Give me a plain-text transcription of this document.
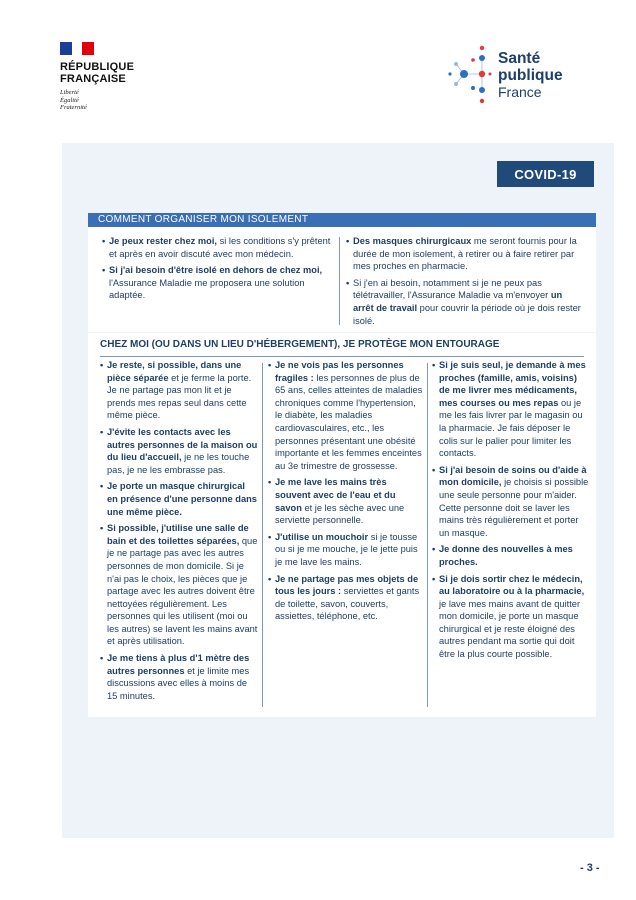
RÉPUBLIQUE
FRANÇAISE
Liberté
Égalité
Fraternité
Santé
publique
France
COVID-19
COMMENT ORGANISER MON ISOLEMENT

• Je peux rester chez moi, si les conditions s'y prêtent et après en avoir discuté avec mon médecin.

• Si j'ai besoin d'être isolé en dehors de chez moi, l'Assurance Maladie me proposera une solution adaptée.

• Des masques chirurgicaux me seront fournis pour la durée de mon isolement, à retirer ou à faire retirer par mes proches en pharmacie.

• Si j'en ai besoin, notamment si je ne peux pas télétravailler, l'Assurance Maladie va m'envoyer un arrêt de travail pour couvrir la période où je dois rester isolé.

CHEZ MOI (OU DANS UN LIEU D'HÉBERGEMENT), JE PROTÈGE MON ENTOURAGE

• Je reste, si possible, dans une pièce séparée et je ferme la porte. Je ne partage pas mon lit et je prends mes repas seul dans cette même pièce.

• J'évite les contacts avec les autres personnes de la maison ou du lieu d'accueil, je ne les touche pas, je ne les embrasse pas.

• Je porte un masque chirurgical en présence d'une personne dans une même pièce.

• Si possible, j'utilise une salle de bain et des toilettes séparées, que je ne partage pas avec les autres personnes de mon domicile. Si je n'ai pas le choix, les pièces que je partage avec les autres doivent être nettoyées régulièrement. Les personnes qui les utilisent (moi ou les autres) se lavent les mains avant et après utilisation.

• Je me tiens à plus d'1 mètre des autres personnes et je limite mes discussions avec elles à moins de 15 minutes.

• Je ne vois pas les personnes fragiles : les personnes de plus de 65 ans, celles atteintes de maladies chroniques comme l'hypertension, le diabète, les maladies cardiovasculaires, etc., les personnes présentant une obésité importante et les femmes enceintes au 3e trimestre de grossesse.

• Je me lave les mains très souvent avec de l'eau et du savon et je les sèche avec une serviette personnelle.

• J'utilise un mouchoir si je tousse ou si je me mouche, je le jette puis je me lave les mains.

• Je ne partage pas mes objets de tous les jours : serviettes et gants de toilette, savon, couverts, assiettes, téléphone, etc.

• Si je suis seul, je demande à mes proches (famille, amis, voisins) de me livrer mes médicaments, mes courses ou mes repas ou je me les fais livrer par le magasin ou la pharmacie. Je fais déposer le colis sur le palier pour limiter les contacts.

• Si j'ai besoin de soins ou d'aide à mon domicile, je choisis si possible une seule personne pour m'aider. Cette personne doit se laver les mains très régulièrement et porter un masque.

• Je donne des nouvelles à mes proches.

• Si je dois sortir chez le médecin, au laboratoire ou à la pharmacie, je lave mes mains avant de quitter mon domicile, je porte un masque chirurgical et je reste éloigné des autres pendant ma sortie qui doit être la plus courte possible.

- 3 -
